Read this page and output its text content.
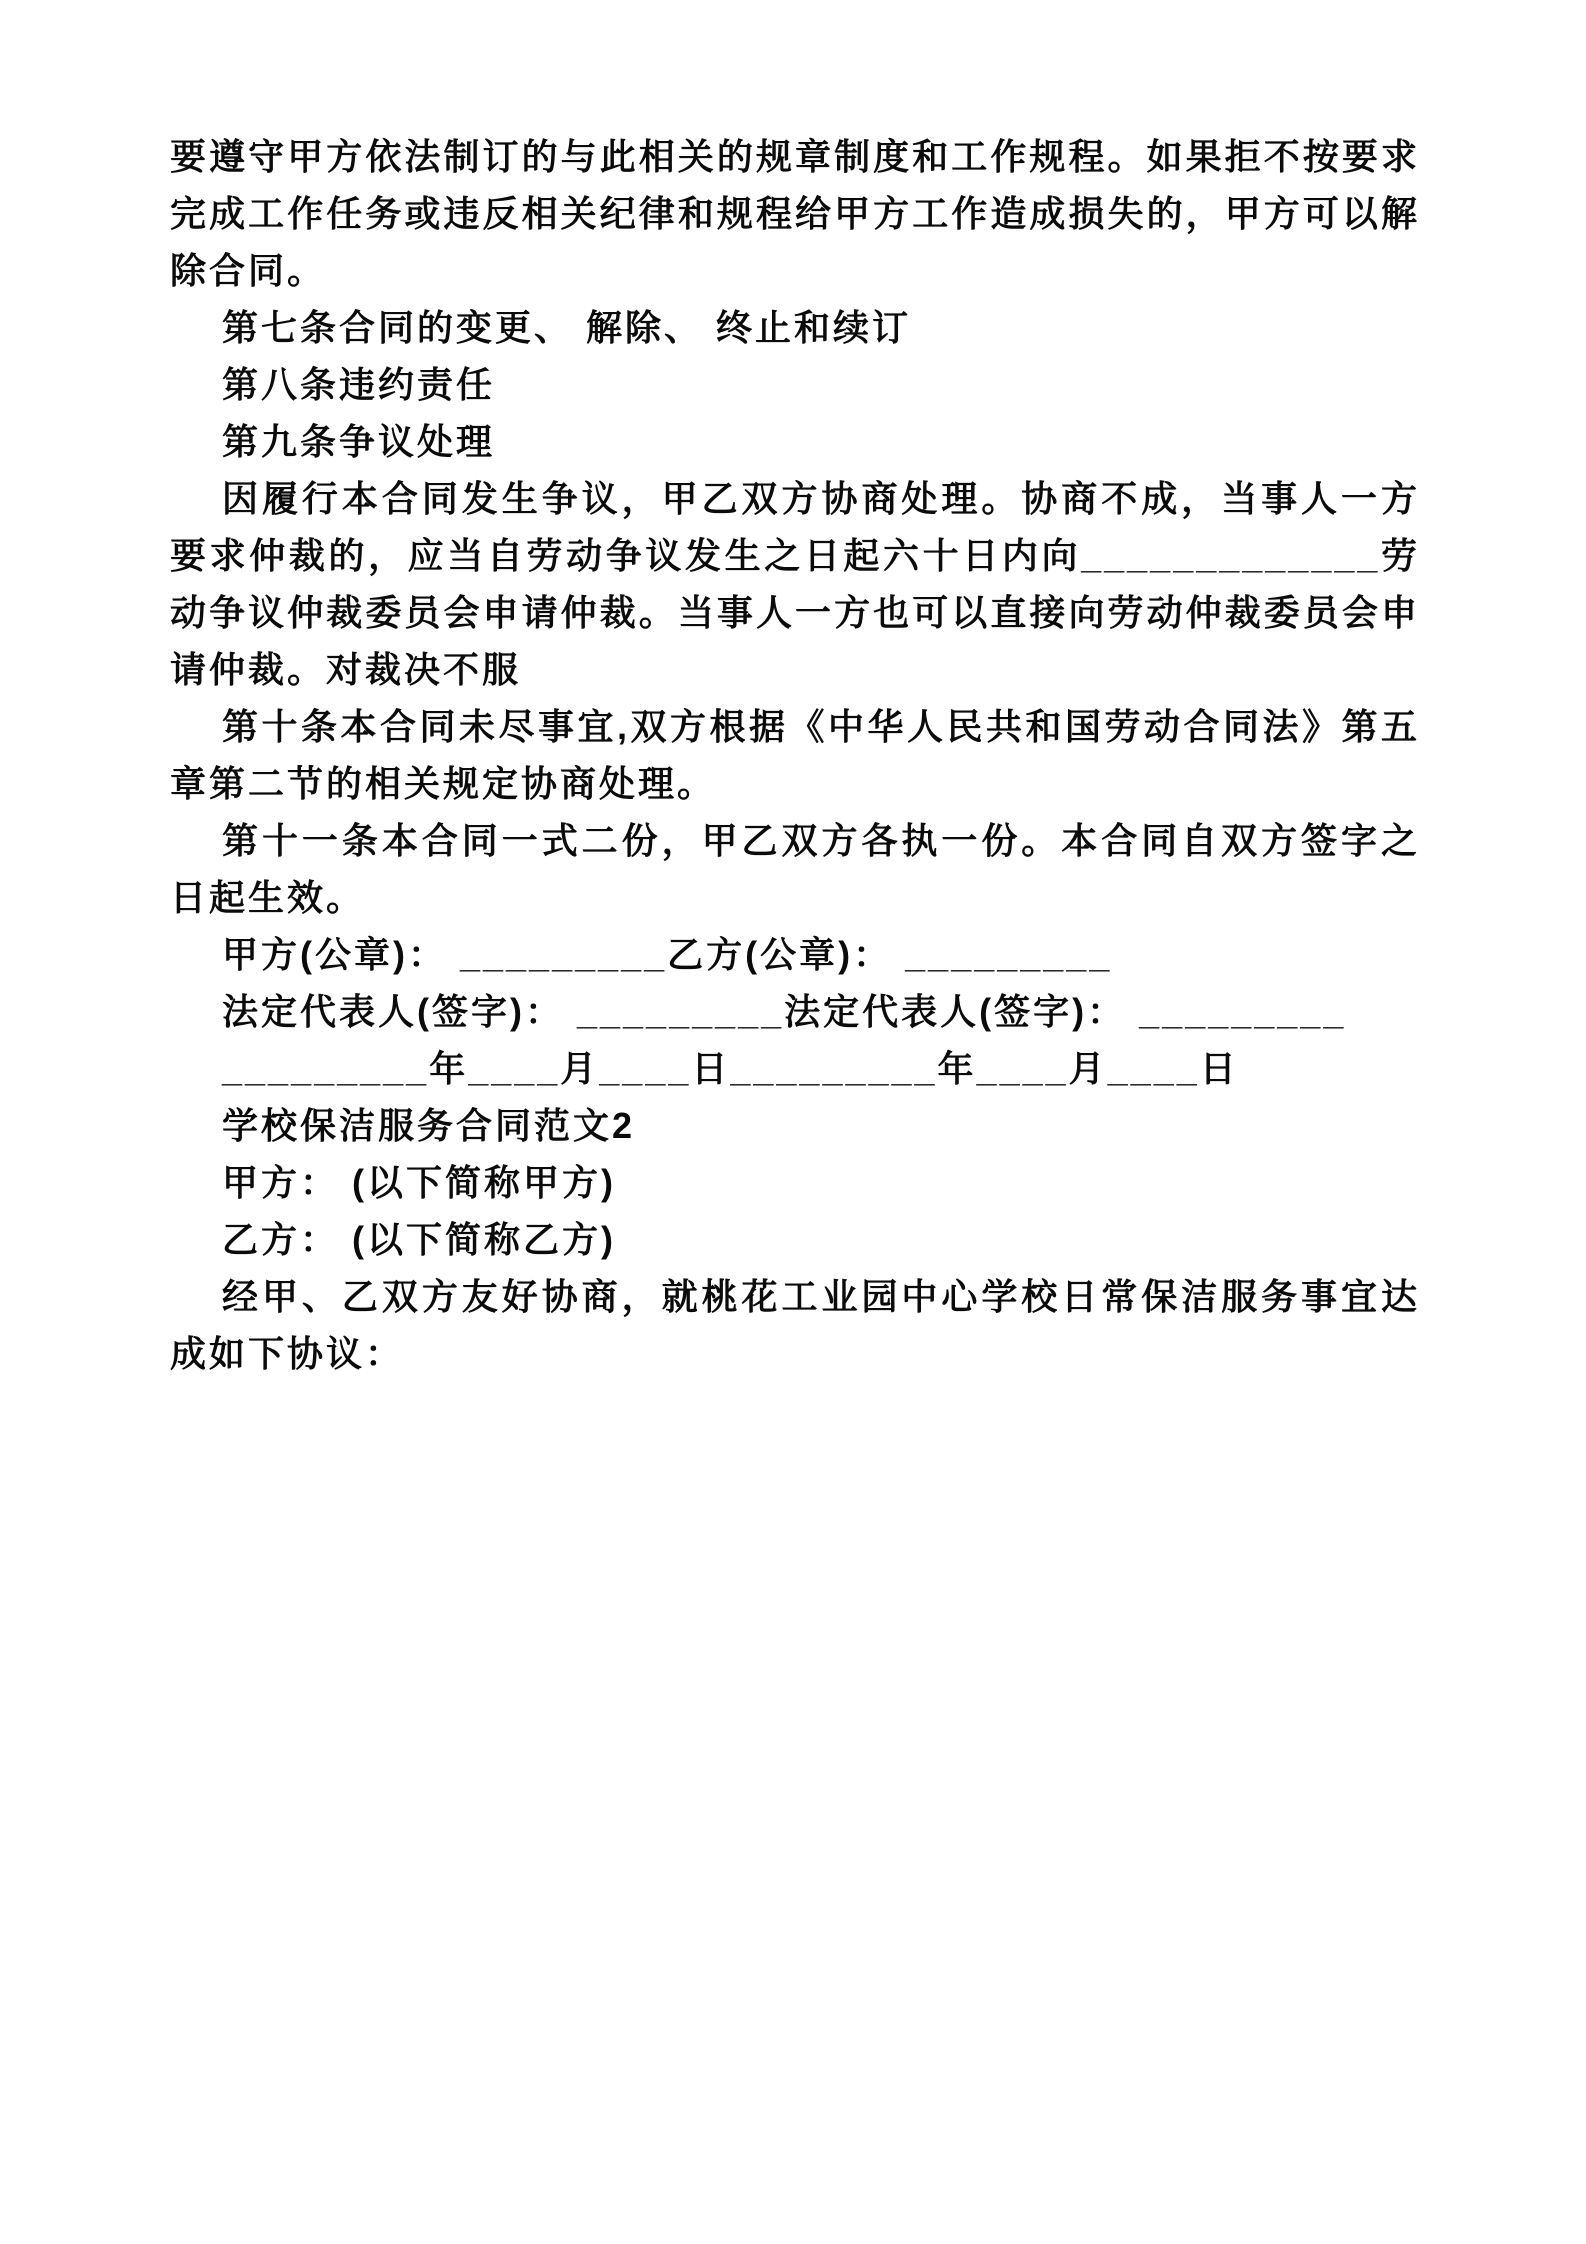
要遵守甲方依法制订的与此相关的规章制度和工作规程。如果拒不按要求完成工作任务或违反相关纪律和规程给甲方工作造成损失的，甲方可以解除合同。

第七条合同的变更、 解除、 终止和续订

第八条违约责任

第九条争议处理

因履行本合同发生争议，甲乙双方协商处理。协商不成，当事人一方要求仲裁的，应当自劳动争议发生之日起六十日内向_____________劳动争议仲裁委员会申请仲裁。当事人一方也可以直接向劳动仲裁委员会申请仲裁。对裁决不服

第十条本合同未尽事宜,双方根据《中华人民共和国劳动合同法》第五章第二节的相关规定协商处理。

第十一条本合同一式二份，甲乙双方各执一份。本合同自双方签字之日起生效。

甲方(公章)： _________乙方(公章)： _________

法定代表人(签字)： _________法定代表人(签字)： _________

_________年____月____日_________年____月____日

学校保洁服务合同范文2

甲方： (以下简称甲方)

乙方： (以下简称乙方)

经甲、乙双方友好协商，就桃花工业园中心学校日常保洁服务事宜达成如下协议：
